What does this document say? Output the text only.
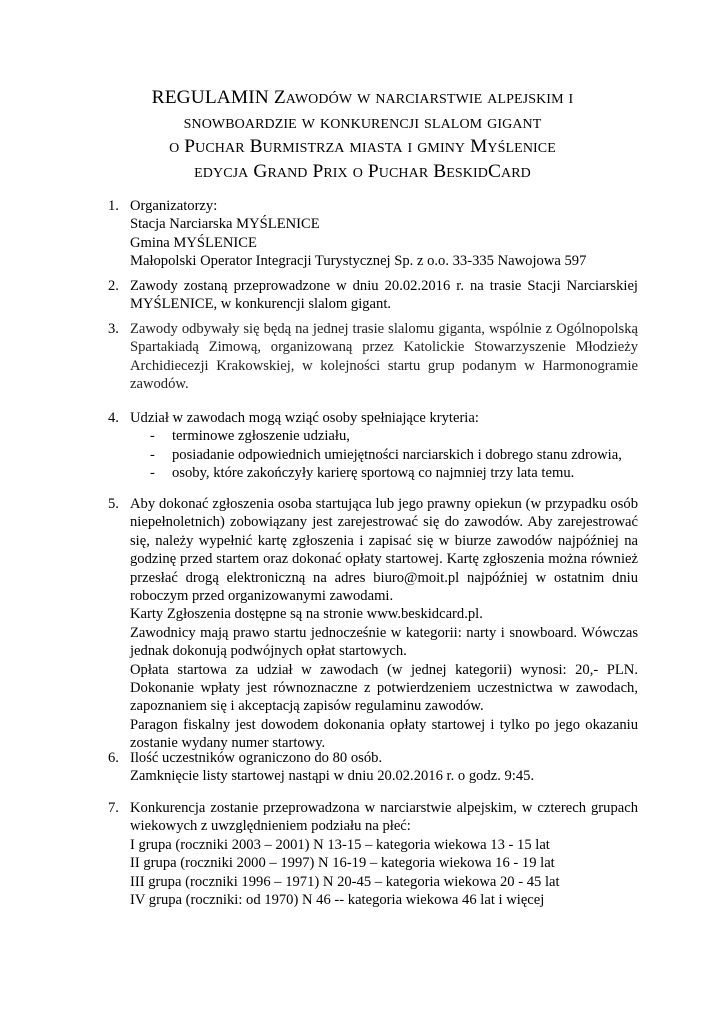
REGULAMIN Zawodów w narciarstwie alpejskim i
snowboardzie w konkurencji slalom gigant
o Puchar Burmistrza miasta i gminy Myślenice
edycja Grand Prix o Puchar BeskidCard
1. Organizatorzy:
Stacja Narciarska MYŚLENICE
Gmina MYŚLENICE
Małopolski Operator Integracji Turystycznej Sp. z o.o. 33-335 Nawojowa 597
2. Zawody zostaną przeprowadzone w dniu 20.02.2016 r. na trasie Stacji Narciarskiej MYŚLENICE, w konkurencji slalom gigant.
3. Zawody odbywały się będą na jednej trasie slalomu giganta, wspólnie z Ogólnopolską Spartakiadą Zimową, organizowaną przez Katolickie Stowarzyszenie Młodzieży Archidiecezji Krakowskiej, w kolejności startu grup podanym w Harmonogramie zawodów.
4. Udział w zawodach mogą wziąć osoby spełniające kryteria:
- terminowe zgłoszenie udziału,
- posiadanie odpowiednich umiejętności narciarskich i dobrego stanu zdrowia,
- osoby, które zakończyły karierę sportową co najmniej trzy lata temu.
5. Aby dokonać zgłoszenia osoba startująca lub jego prawny opiekun (w przypadku osób niepełnoletnich) zobowiązany jest zarejestrować się do zawodów. Aby zarejestrować się, należy wypełnić kartę zgłoszenia i zapisać się w biurze zawodów najpóźniej na godzinę przed startem oraz dokonać opłaty startowej. Kartę zgłoszenia można również przesłać drogą elektroniczną na adres biuro@moit.pl najpóźniej w ostatnim dniu roboczym przed organizowanymi zawodami.
Karty Zgłoszenia dostępne są na stronie www.beskidcard.pl.
Zawodnicy mają prawo startu jednocześnie w kategorii: narty i snowboard. Wówczas jednak dokonują podwójnych opłat startowych.
Opłata startowa za udział w zawodach (w jednej kategorii) wynosi: 20,- PLN. Dokonanie wpłaty jest równoznaczne z potwierdzeniem uczestnictwa w zawodach, zapoznaniem się i akceptacją zapisów regulaminu zawodów.
Paragon fiskalny jest dowodem dokonania opłaty startowej i tylko po jego okazaniu zostanie wydany numer startowy.
6. Ilość uczestników ograniczono do 80 osób.
Zamknięcie listy startowej nastąpi w dniu 20.02.2016 r. o godz. 9:45.
7. Konkurencja zostanie przeprowadzona w narciarstwie alpejskim, w czterech grupach wiekowych z uwzględnieniem podziału na płeć:
I grupa (roczniki 2003 – 2001) N 13-15 – kategoria wiekowa 13 - 15 lat
II grupa (roczniki 2000 – 1997) N 16-19 – kategoria wiekowa 16 - 19 lat
III grupa (roczniki 1996 – 1971) N 20-45 – kategoria wiekowa 20 - 45 lat
IV grupa (roczniki: od 1970) N 46 -- kategoria wiekowa 46 lat i więcej
